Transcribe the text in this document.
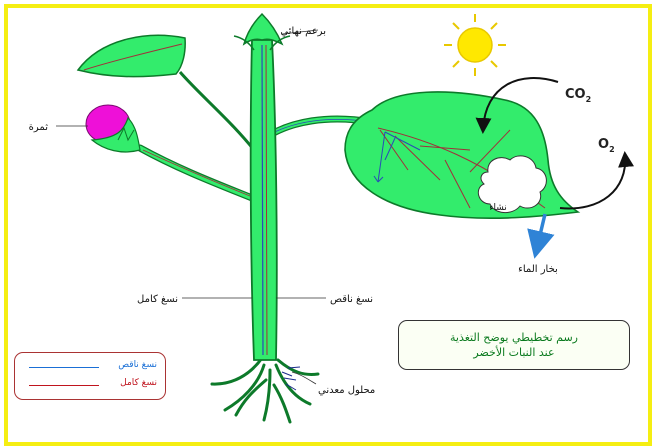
برعم نهائي
ثمرة
نشاء
بخار الماء
نسغ كامل	نسغ ناقص
محلول معدني
$CO_2$
$O_2$
رسم تخطيطي يوضح التغذية
عند النبات الأخضر
نسغ ناقص
نسغ كامل
